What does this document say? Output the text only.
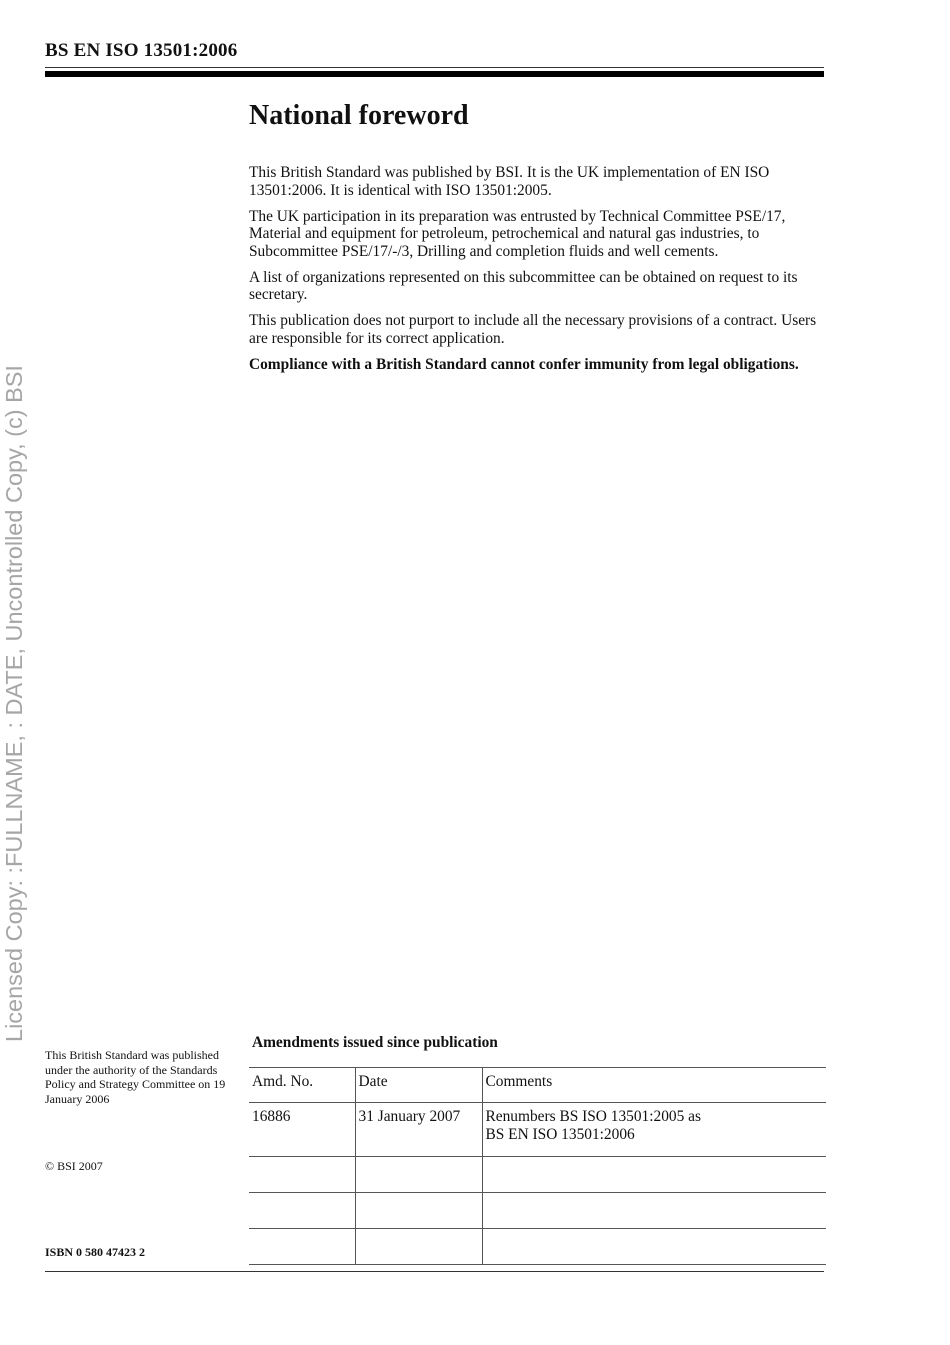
BS EN ISO 13501:2006
National foreword

This British Standard was published by BSI. It is the UK implementation of EN ISO 13501:2006. It is identical with ISO 13501:2005.

The UK participation in its preparation was entrusted by Technical Committee PSE/17, Material and equipment for petroleum, petrochemical and natural gas industries, to Subcommittee PSE/17/-/3, Drilling and completion fluids and well cements.

A list of organizations represented on this subcommittee can be obtained on request to its secretary.

This publication does not purport to include all the necessary provisions of a contract. Users are responsible for its correct application.

Compliance with a British Standard cannot confer immunity from legal obligations.

Licensed Copy: :FULLNAME, : DATE, Uncontrolled Copy, (c) BSI
This British Standard was published under the authority of the Standards Policy and Strategy Committee on 19 January 2006
© BSI 2007
ISBN 0 580 47423 2
Amendments issued since publication
Amd. No.	Date	Comments
16886	31 January 2007	Renumbers BS ISO 13501:2005 as
BS EN ISO 13501:2006
